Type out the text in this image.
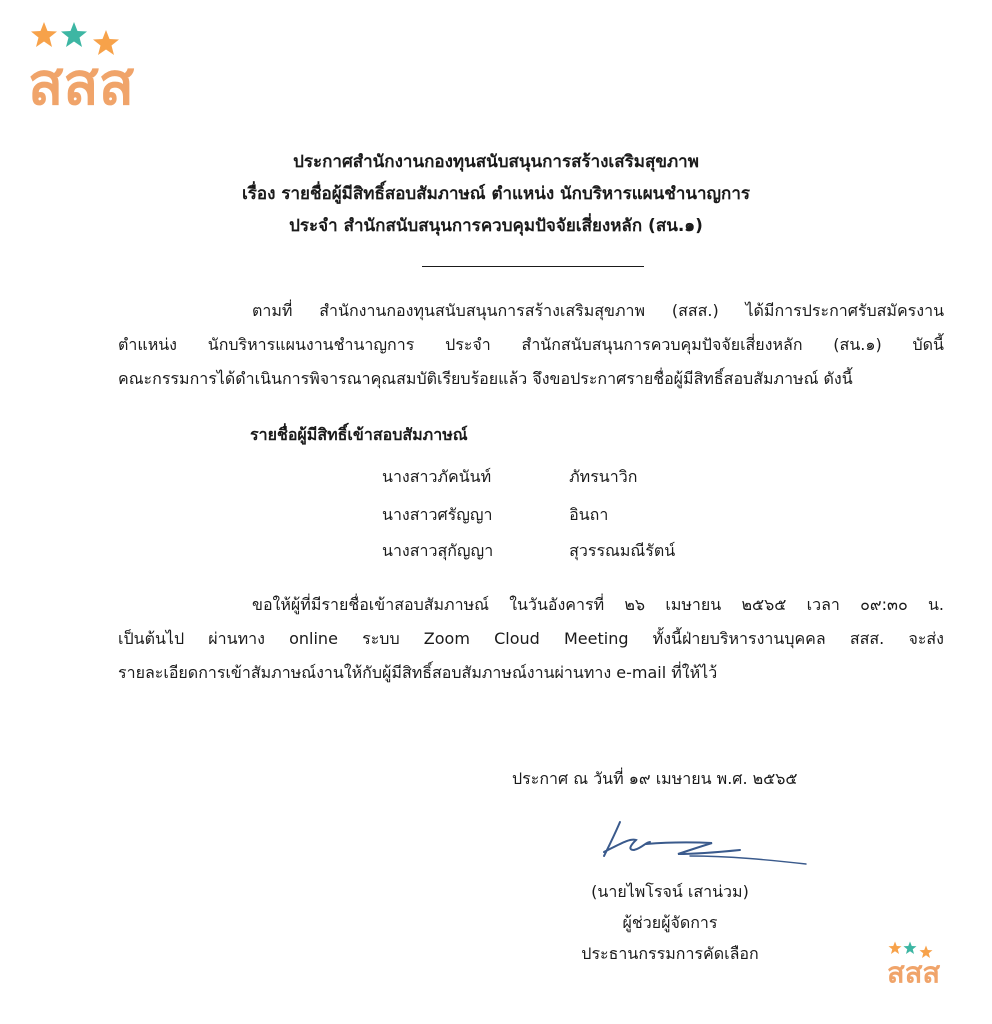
สสส
ประกาศสำนักงานกองทุนสนับสนุนการสร้างเสริมสุขภาพ
เรื่อง รายชื่อผู้มีสิทธิ์สอบสัมภาษณ์ ตำแหน่ง นักบริหารแผนชำนาญการ
ประจำ สำนักสนับสนุนการควบคุมปัจจัยเสี่ยงหลัก (สน.๑)
ตามที่ สำนักงานกองทุนสนับสนุนการสร้างเสริมสุขภาพ (สสส.) ได้มีการประกาศรับสมัครงาน
ตำแหน่ง นักบริหารแผนงานชำนาญการ ประจำ สำนักสนับสนุนการควบคุมปัจจัยเสี่ยงหลัก (สน.๑) บัดนี้
คณะกรรมการได้ดำเนินการพิจารณาคุณสมบัติเรียบร้อยแล้ว จึงขอประกาศรายชื่อผู้มีสิทธิ์สอบสัมภาษณ์ ดังนี้
รายชื่อผู้มีสิทธิ์เข้าสอบสัมภาษณ์
นางสาวภัคนันท์	ภัทรนาวิก
นางสาวศรัญญา	อินถา
นางสาวสุกัญญา	สุวรรณมณีรัตน์
ขอให้ผู้ที่มีรายชื่อเข้าสอบสัมภาษณ์ ในวันอังคารที่ ๒๖ เมษายน ๒๕๖๕ เวลา ๐๙:๓๐ น.
เป็นต้นไป ผ่านทาง online ระบบ Zoom Cloud Meeting ทั้งนี้ฝ่ายบริหารงานบุคคล สสส. จะส่ง
รายละเอียดการเข้าสัมภาษณ์งานให้กับผู้มีสิทธิ์สอบสัมภาษณ์งานผ่านทาง e-mail ที่ให้ไว้
ประกาศ ณ วันที่ ๑๙ เมษายน พ.ศ. ๒๕๖๕
(นายไพโรจน์ เสาน่วม)
ผู้ช่วยผู้จัดการ
ประธานกรรมการคัดเลือก
สสส
